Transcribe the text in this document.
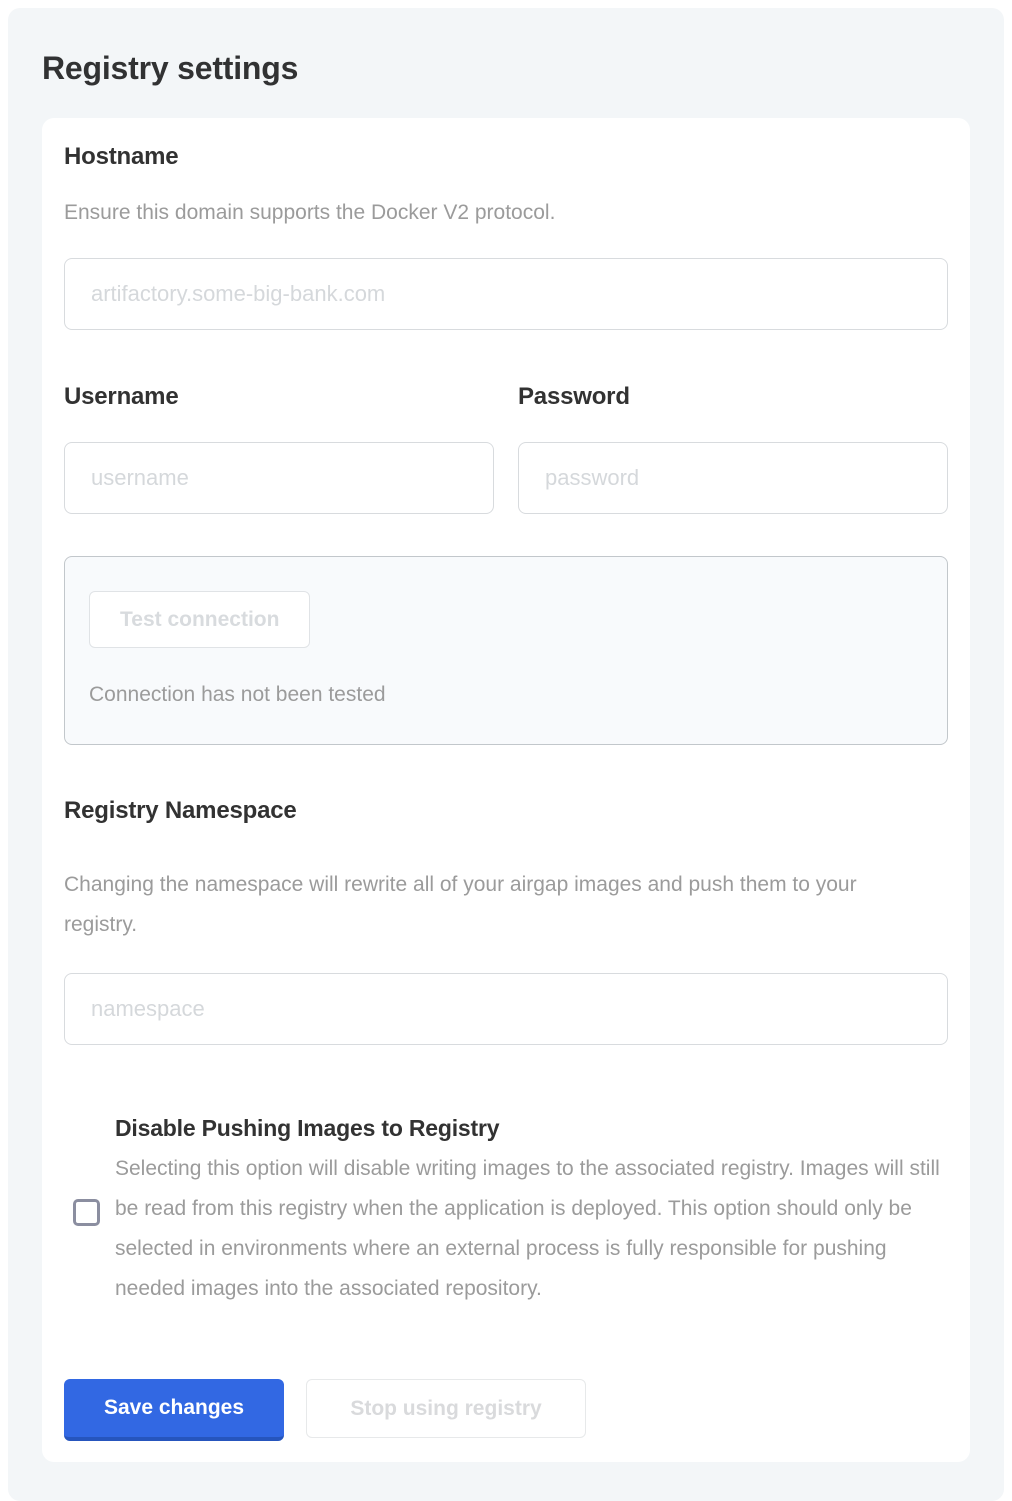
Registry settings
Hostname

Ensure this domain supports the Docker V2 protocol.

artifactory.some-big-bank.com
Username
username	Password
Test connection

Connection has not been tested

Registry Namespace

Changing the namespace will rewrite all of your airgap images and push them to your registry.

namespace
Disable Pushing Images to Registry

Selecting this option will disable writing images to the associated registry. Images will still be read from this registry when the application is deployed. This option should only be selected in environments where an external process is fully responsible for pushing needed images into the associated repository.

Save changes	Stop using registry
